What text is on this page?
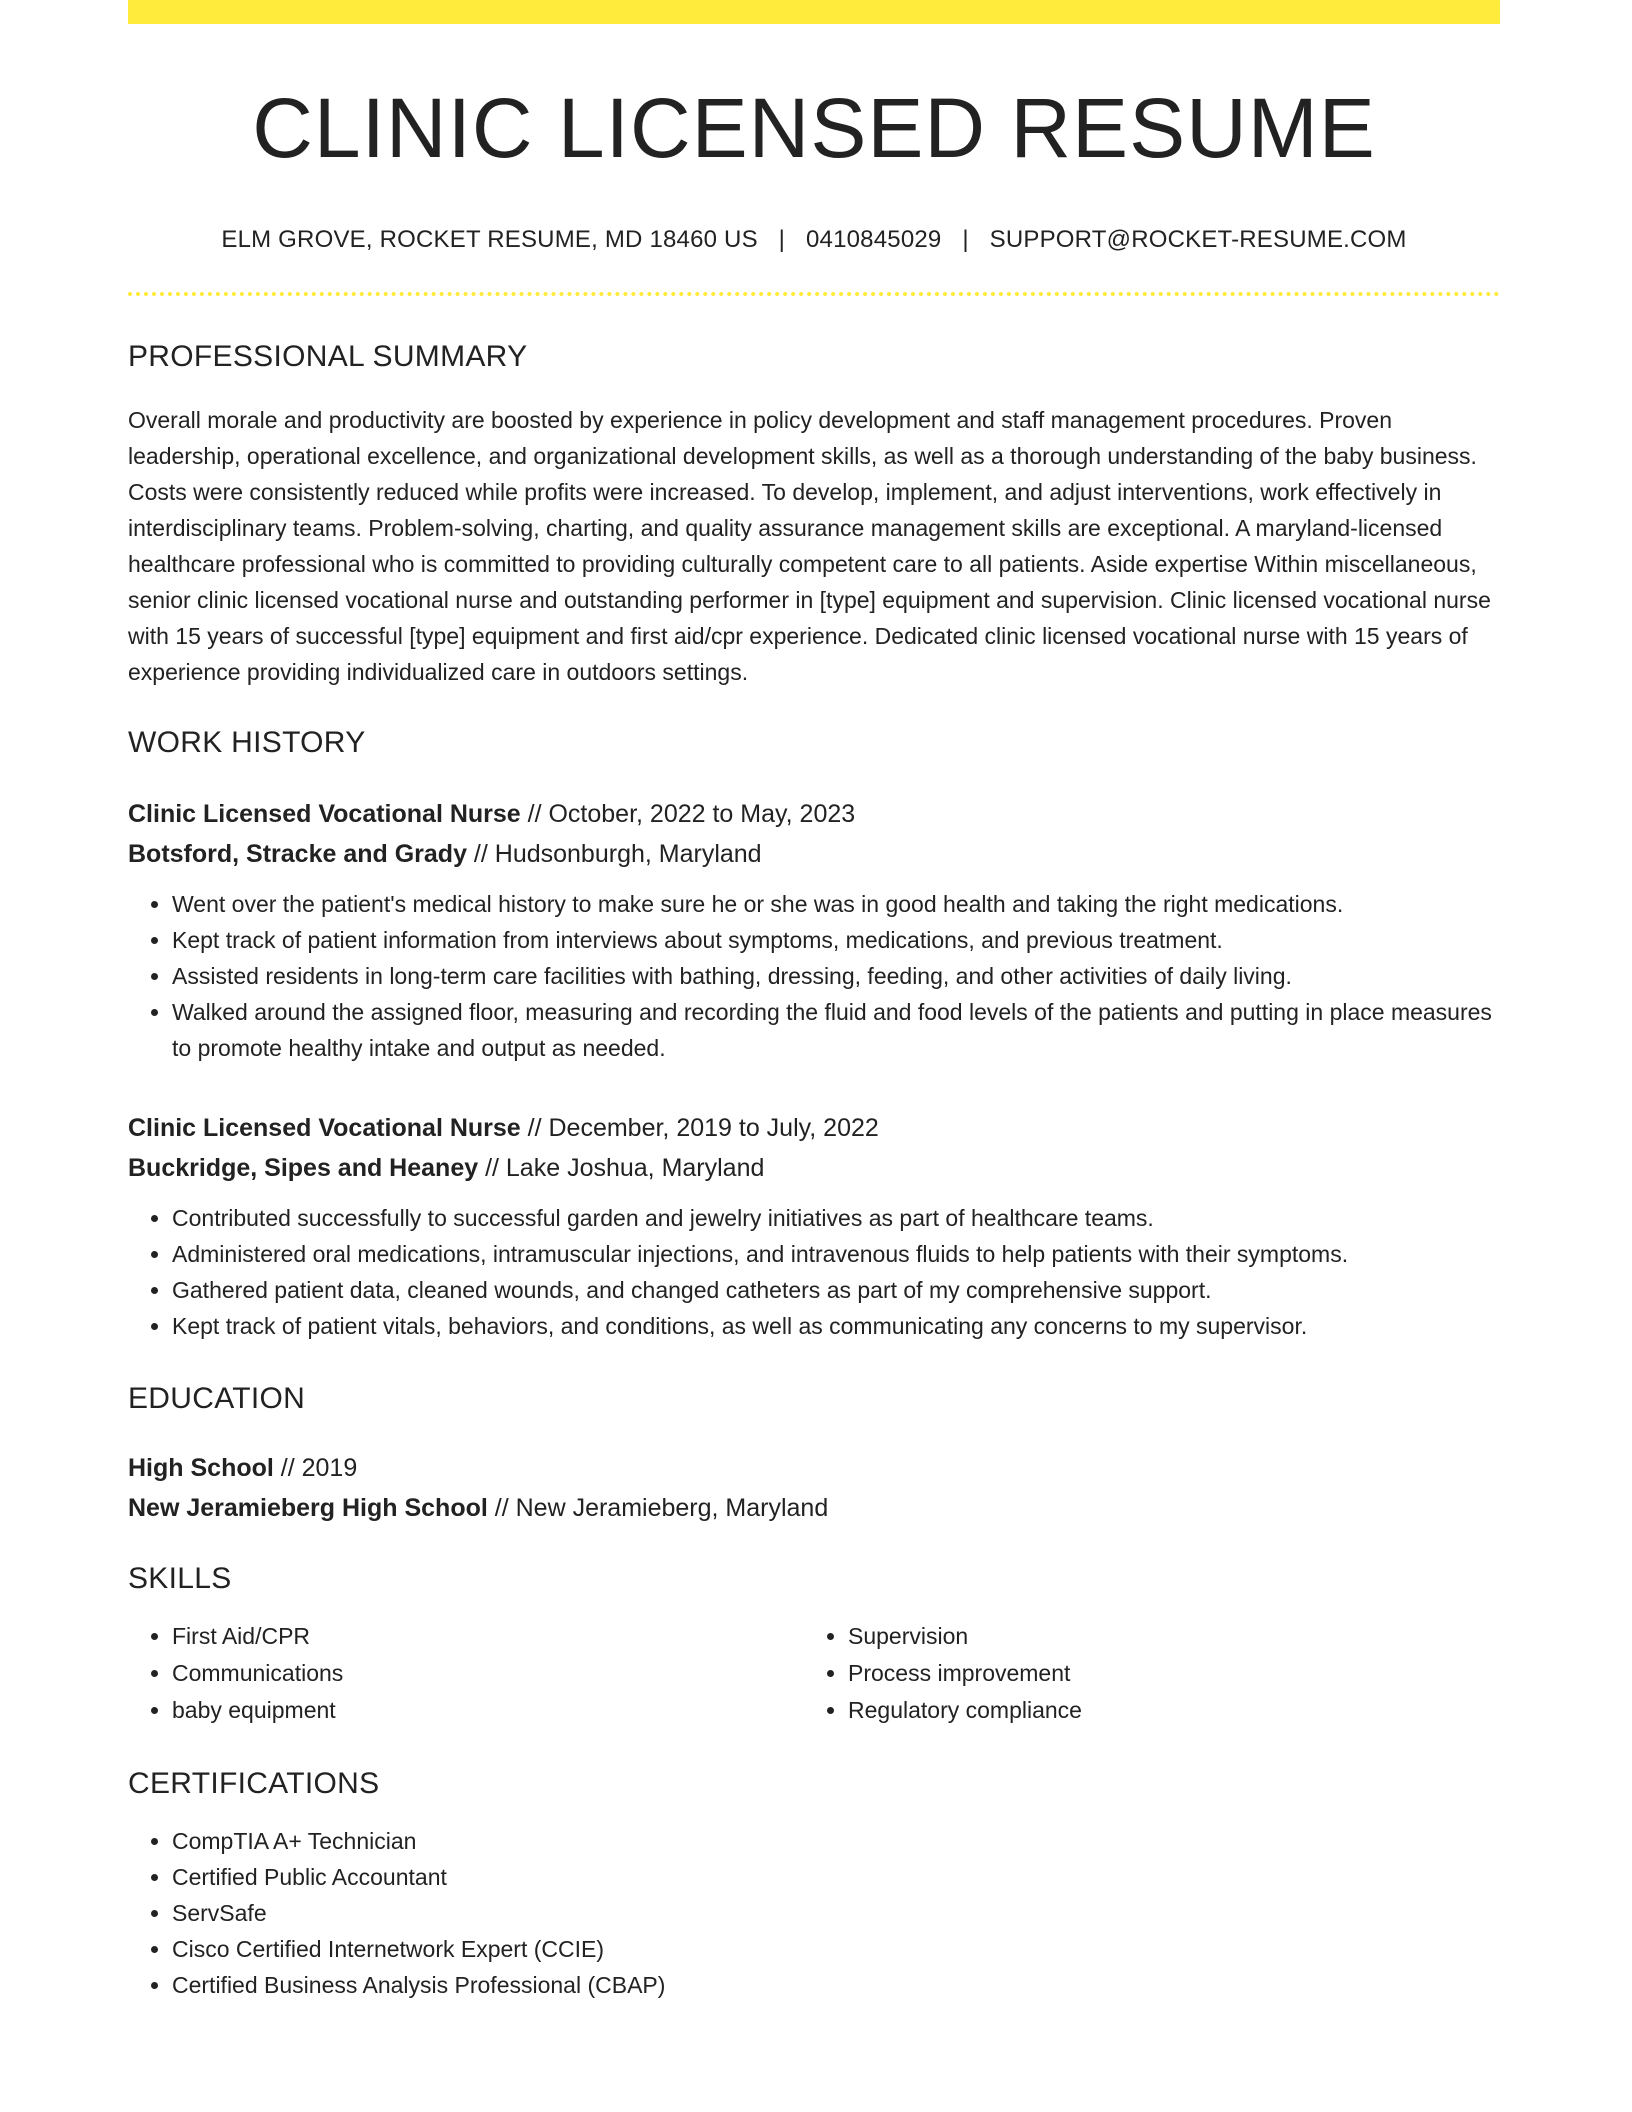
CLINIC LICENSED RESUME
ELM GROVE, ROCKET RESUME, MD 18460 US | 0410845029 | SUPPORT@ROCKET-RESUME.COM
PROFESSIONAL SUMMARY

Overall morale and productivity are boosted by experience in policy development and staff management procedures. Proven leadership, operational excellence, and organizational development skills, as well as a thorough understanding of the baby business. Costs were consistently reduced while profits were increased. To develop, implement, and adjust interventions, work effectively in interdisciplinary teams. Problem-solving, charting, and quality assurance management skills are exceptional. A maryland-licensed healthcare professional who is committed to providing culturally competent care to all patients. Aside expertise Within miscellaneous, senior clinic licensed vocational nurse and outstanding performer in [type] equipment and supervision. Clinic licensed vocational nurse with 15 years of successful [type] equipment and first aid/cpr experience. Dedicated clinic licensed vocational nurse with 15 years of experience providing individualized care in outdoors settings.

WORK HISTORY
Clinic Licensed Vocational Nurse // October, 2022 to May, 2023
Botsford, Stracke and Grady // Hudsonburgh, Maryland
• Went over the patient's medical history to make sure he or she was in good health and taking the right medications.
• Kept track of patient information from interviews about symptoms, medications, and previous treatment.
• Assisted residents in long-term care facilities with bathing, dressing, feeding, and other activities of daily living.
• Walked around the assigned floor, measuring and recording the fluid and food levels of the patients and putting in place measures to promote healthy intake and output as needed.
Clinic Licensed Vocational Nurse // December, 2019 to July, 2022
Buckridge, Sipes and Heaney // Lake Joshua, Maryland
• Contributed successfully to successful garden and jewelry initiatives as part of healthcare teams.
• Administered oral medications, intramuscular injections, and intravenous fluids to help patients with their symptoms.
• Gathered patient data, cleaned wounds, and changed catheters as part of my comprehensive support.
• Kept track of patient vitals, behaviors, and conditions, as well as communicating any concerns to my supervisor.
EDUCATION
High School // 2019
New Jeramieberg High School // New Jeramieberg, Maryland
SKILLS
• First Aid/CPR
• Communications
• baby equipment
• Supervision
• Process improvement
• Regulatory compliance
CERTIFICATIONS
• CompTIA A+ Technician
• Certified Public Accountant
• ServSafe
• Cisco Certified Internetwork Expert (CCIE)
• Certified Business Analysis Professional (CBAP)
